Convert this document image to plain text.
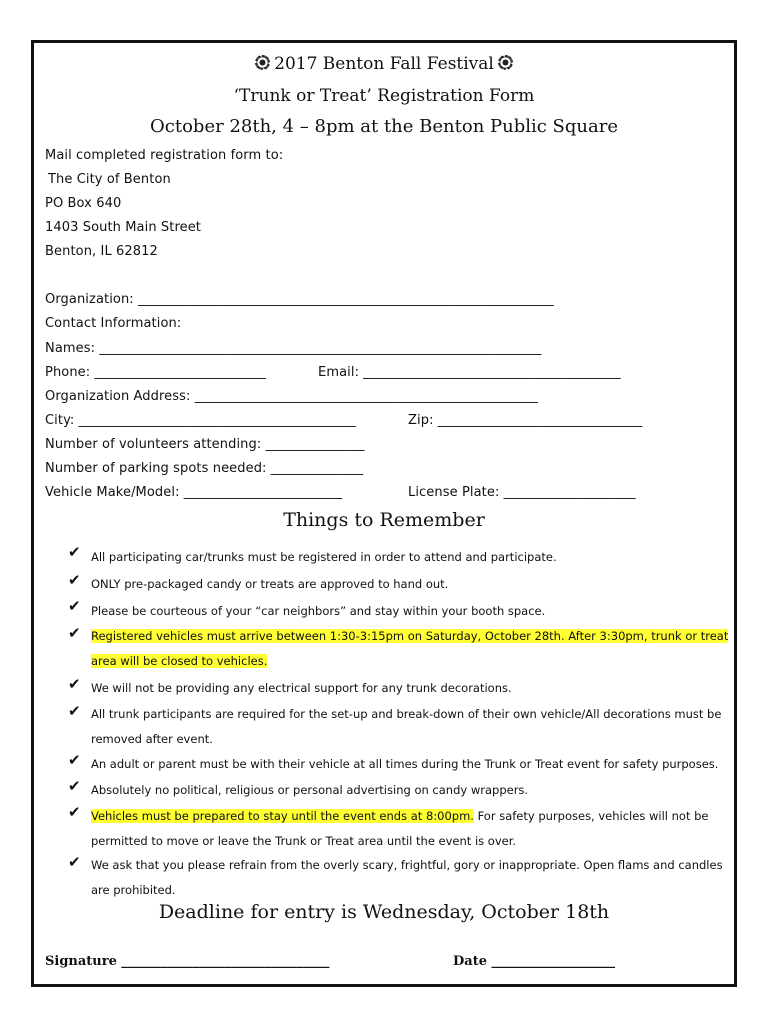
2017 Benton Fall Festival
‘Trunk or Treat’ Registration Form
October 28th, 4 – 8pm at the Benton Public Square
Mail completed registration form to:
The City of Benton
PO Box 640
1403 South Main Street
Benton, IL 62812
Organization: _______________________________________________________________
Contact Information:
Names: ___________________________________________________________________
Phone: __________________________	Email: _______________________________________
Organization Address: ____________________________________________________
City: __________________________________________	Zip: _______________________________
Number of volunteers attending: _______________
Number of parking spots needed: ______________
Vehicle Make/Model: ________________________	License Plate: ____________________
Things to Remember
✔ All participating car/trunks must be registered in order to attend and participate.
✔ ONLY pre-packaged candy or treats are approved to hand out.
✔ Please be courteous of your “car neighbors” and stay within your booth space.
✔ Registered vehicles must arrive between 1:30-3:15pm on Saturday, October 28th. After 3:30pm, trunk or treat area will be closed to vehicles.
✔ We will not be providing any electrical support for any trunk decorations.
✔ All trunk participants are required for the set-up and break-down of their own vehicle/All decorations must be removed after event.
✔ An adult or parent must be with their vehicle at all times during the Trunk or Treat event for safety purposes.
✔ Absolutely no political, religious or personal advertising on candy wrappers.
✔ Vehicles must be prepared to stay until the event ends at 8:00pm. For safety purposes, vehicles will not be permitted to move or leave the Trunk or Treat area until the event is over.
✔ We ask that you please refrain from the overly scary, frightful, gory or inappropriate. Open flams and candles are prohibited.
Deadline for entry is Wednesday, October 18th
Signature ________________________________	Date ___________________
